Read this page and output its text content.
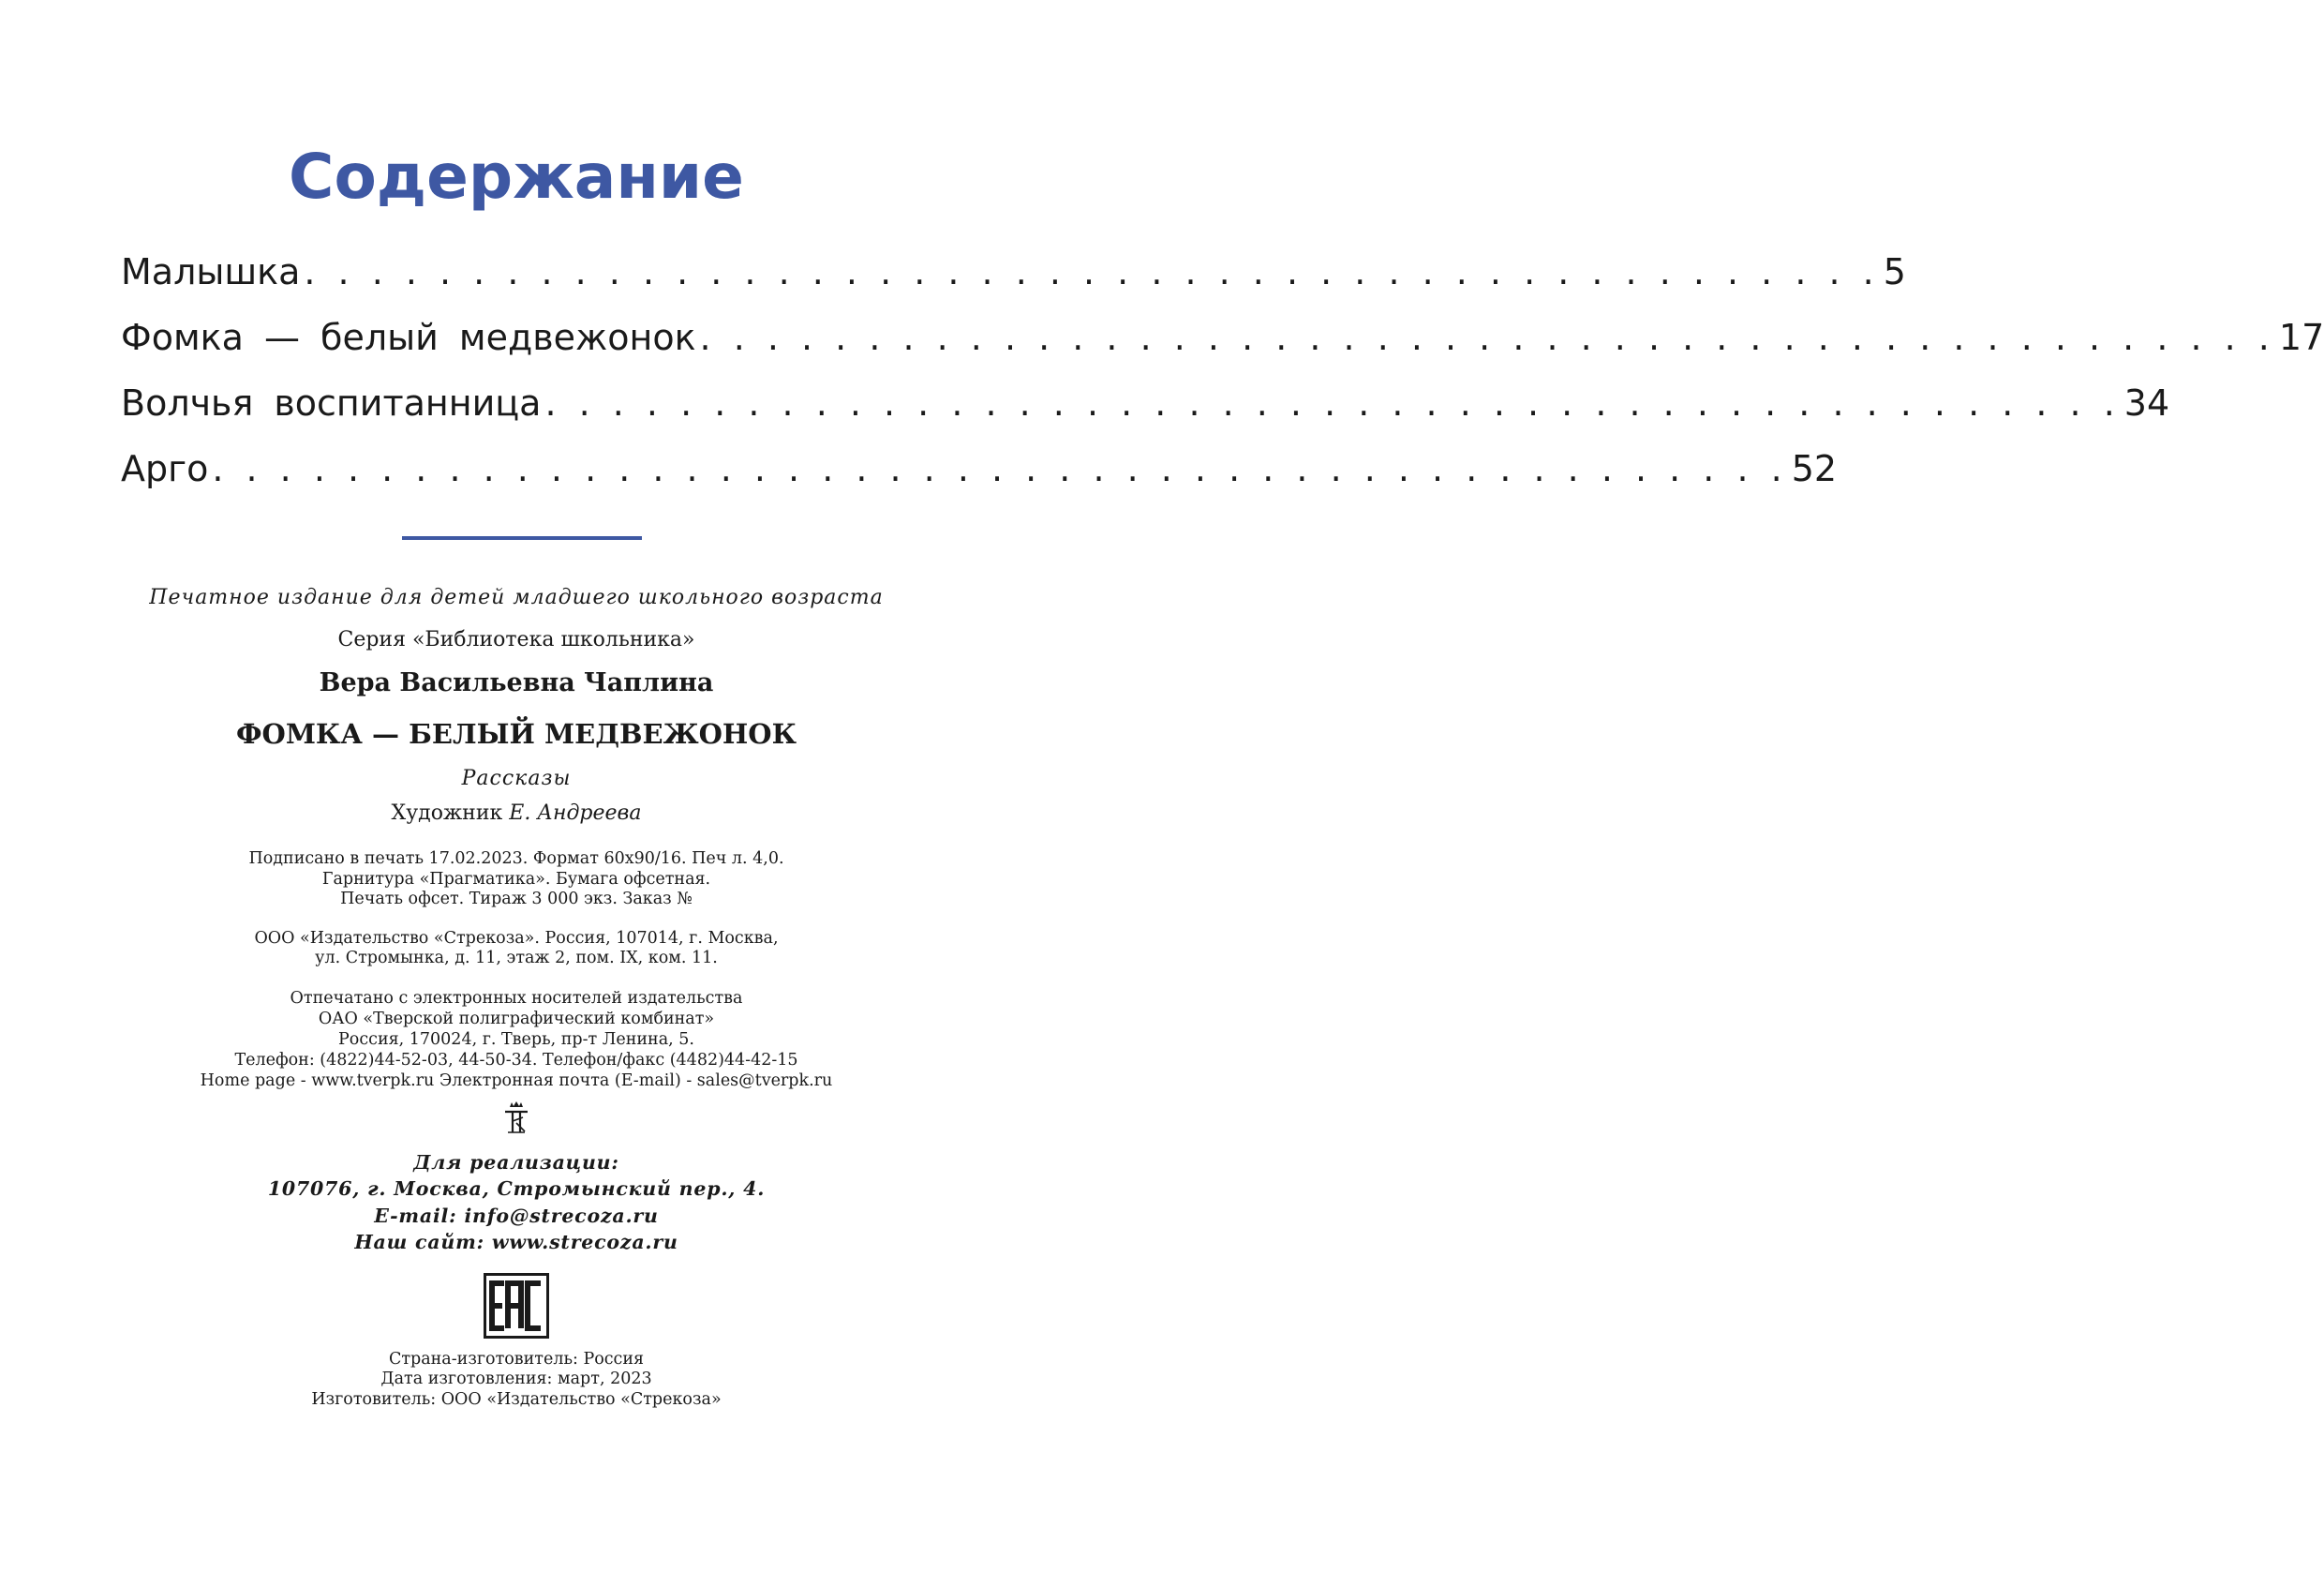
Содержание
Малышка . . . . . . . . . . . . . . . . . . . . . . . . . . . . . . . . . . . . . . . . . . . . . . . 5
Фомка — белый медвежонок . . . . . . . . . . . . . . . . . . . . . . . . . . . . . . . . . . . . . . . . . . . . . . . 17
Волчья воспитанница . . . . . . . . . . . . . . . . . . . . . . . . . . . . . . . . . . . . . . . . . . . . . . . 34
Арго . . . . . . . . . . . . . . . . . . . . . . . . . . . . . . . . . . . . . . . . . . . . . . . 52
Печатное издание для детей младшего школьного возраста
Серия «Библиотека школьника»
Вера Васильевна Чаплина
ФОМКА — БЕЛЫЙ МЕДВЕЖОНОК
Рассказы
Художник Е. Андреева
Подписано в печать 17.02.2023. Формат 60х90/16. Печ л. 4,0.
Гарнитура «Прагматика». Бумага офсетная.
Печать офсет. Тираж 3 000 экз. Заказ №
ООО «Издательство «Стрекоза». Россия, 107014, г. Москва,
ул. Стромынка, д. 11, этаж 2, пом. IX, ком. 11.
Отпечатано с электронных носителей издательства
ОАО «Тверской полиграфический комбинат»
Россия, 170024, г. Тверь, пр-т Ленина, 5.
Телефон: (4822)44-52-03, 44-50-34. Телефон/факс (4482)44-42-15
Home page - www.tverpk.ru Электронная почта (E-mail) - sales@tverpk.ru
Для реализации:
107076, г. Москва, Стромынский пер., 4.
E-mail: info@strecoza.ru
Наш сайт: www.strecoza.ru
Страна-изготовитель: Россия
Дата изготовления: март, 2023
Изготовитель: ООО «Издательство «Стрекоза»
